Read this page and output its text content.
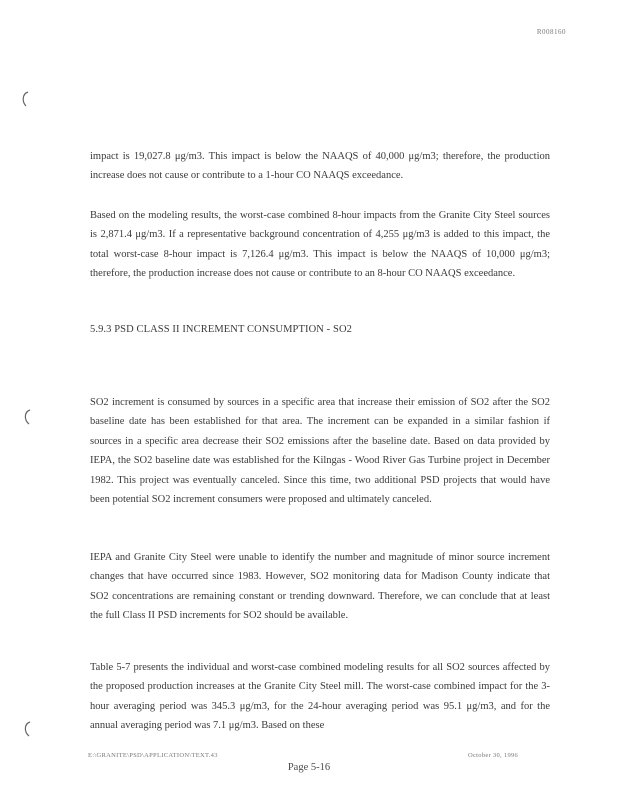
R008160

impact is 19,027.8 μg/m3. This impact is below the NAAQS of 40,000 μg/m3; therefore, the production increase does not cause or contribute to a 1-hour CO NAAQS exceedance.

Based on the modeling results, the worst-case combined 8-hour impacts from the Granite City Steel sources is 2,871.4 μg/m3. If a representative background concentration of 4,255 μg/m3 is added to this impact, the total worst-case 8-hour impact is 7,126.4 μg/m3. This impact is below the NAAQS of 10,000 μg/m3; therefore, the production increase does not cause or contribute to an 8-hour CO NAAQS exceedance.

5.9.3 PSD CLASS II INCREMENT CONSUMPTION - SO2

SO2 increment is consumed by sources in a specific area that increase their emission of SO2 after the SO2 baseline date has been established for that area. The increment can be expanded in a similar fashion if sources in a specific area decrease their SO2 emissions after the baseline date. Based on data provided by IEPA, the SO2 baseline date was established for the Kilngas - Wood River Gas Turbine project in December 1982. This project was eventually canceled. Since this time, two additional PSD projects that would have been potential SO2 increment consumers were proposed and ultimately canceled.

IEPA and Granite City Steel were unable to identify the number and magnitude of minor source increment changes that have occurred since 1983. However, SO2 monitoring data for Madison County indicate that SO2 concentrations are remaining constant or trending downward. Therefore, we can conclude that at least the full Class II PSD increments for SO2 should be available.

Table 5-7 presents the individual and worst-case combined modeling results for all SO2 sources affected by the proposed production increases at the Granite City Steel mill. The worst-case combined impact for the 3-hour averaging period was 345.3 μg/m3, for the 24-hour averaging period was 95.1 μg/m3, and for the annual averaging period was 7.1 μg/m3. Based on these

E:\GRANITE\PSD\APPLICATION\TEXT.43	October 30, 1996
Page 5-16
